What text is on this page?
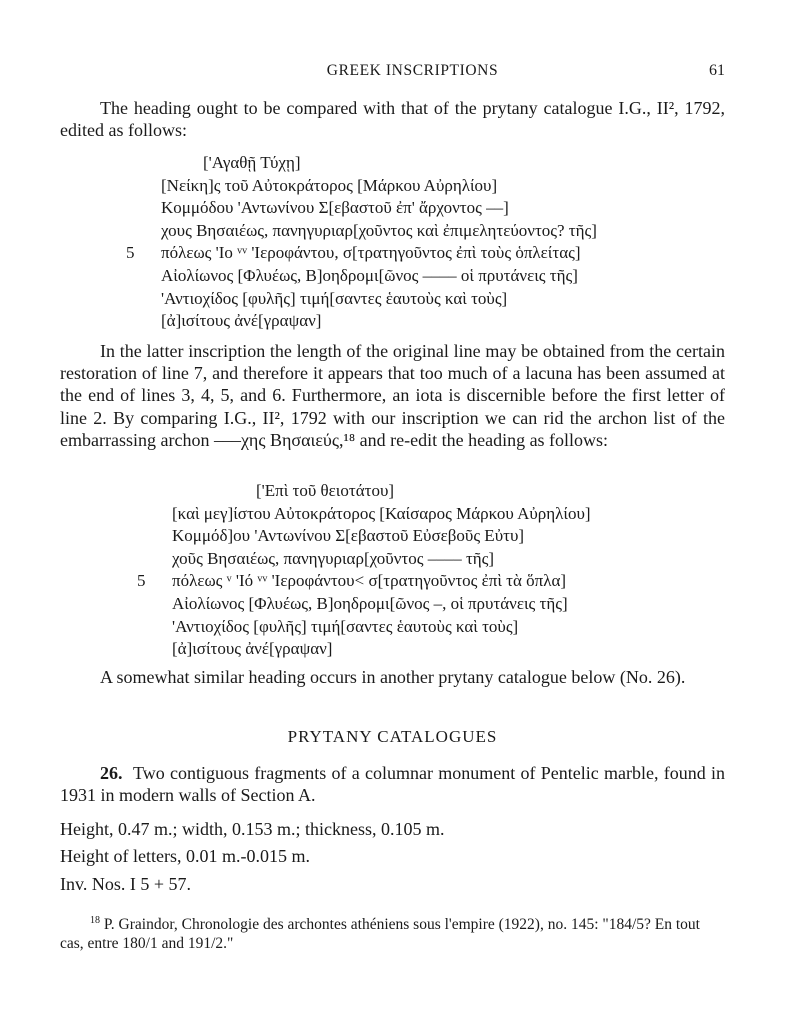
GREEK INSCRIPTIONS	61

The heading ought to be compared with that of the prytany catalogue I.G., II², 1792, edited as follows:

['Αγαθῇ Τύχῃ]
[Νείκη]ς τοῦ Αὐτοκράτορος [Μάρκου Αὐρηλίου]
Κομμόδου 'Αντωνίνου Σ[εβαστοῦ ἐπ' ἄρχοντος ––]
χους Βησαιέως, πανηγυριαρ[χοῦντος καὶ ἐπιμελητεύοντος? τῆς]
5 πόλεως 'Ιο ᵛᵛ 'Ιεροφάντου, σ[τρατηγοῦντος ἐπὶ τοὺς ὁπλείτας]
Αἰολίωνος [Φλυέως, Β]οηδρομι[ῶνος –––– οἱ πρυτάνεις τῆς]
'Αντιοχίδος [φυλῆς] τιμή[σαντες ἑαυτοὺς καὶ τοὺς]
[ἀ]ισίτους ἀνέ[γραψαν]

In the latter inscription the length of the original line may be obtained from the certain restoration of line 7, and therefore it appears that too much of a lacuna has been assumed at the end of lines 3, 4, 5, and 6. Furthermore, an iota is discernible before the first letter of line 2. By comparing I.G., II², 1792 with our inscription we can rid the archon list of the embarrassing archon –––χης Βησαιεύς,¹⁸ and re-edit the heading as follows:

['Επὶ τοῦ θειοτάτου]
[καὶ μεγ]ίστου Αὐτοκράτορος [Καίσαρος Μάρκου Αὐρηλίου]
Κομμόδ]ου 'Αντωνίνου Σ[εβαστοῦ Εὐσεβοῦς Εὐτυ]
χοῦς Βησαιέως, πανηγυριαρ[χοῦντος –––– τῆς]
5 πόλεως ᵛ 'Ιό ᵛᵛ 'Ιεροφάντου˂ σ[τρατηγοῦντος ἐπὶ τὰ ὅπλα]
Αἰολίωνος [Φλυέως, Β]οηδρομι[ῶνος –, οἱ πρυτάνεις τῆς]
'Αντιοχίδος [φυλῆς] τιμή[σαντες ἑαυτοὺς καὶ τοὺς]
[ἀ]ισίτους ἀνέ[γραψαν]

A somewhat similar heading occurs in another prytany catalogue below (No. 26).

PRYTANY CATALOGUES

26. Two contiguous fragments of a columnar monument of Pentelic marble, found in 1931 in modern walls of Section A.

Height, 0.47 m.; width, 0.153 m.; thickness, 0.105 m.
Height of letters, 0.01 m.-0.015 m.
Inv. Nos. I 5 + 57.

$^{18}$ P. Graindor, Chronologie des archontes athéniens sous l'empire (1922), no. 145: "184/5? En tout cas, entre 180/1 and 191/2."
